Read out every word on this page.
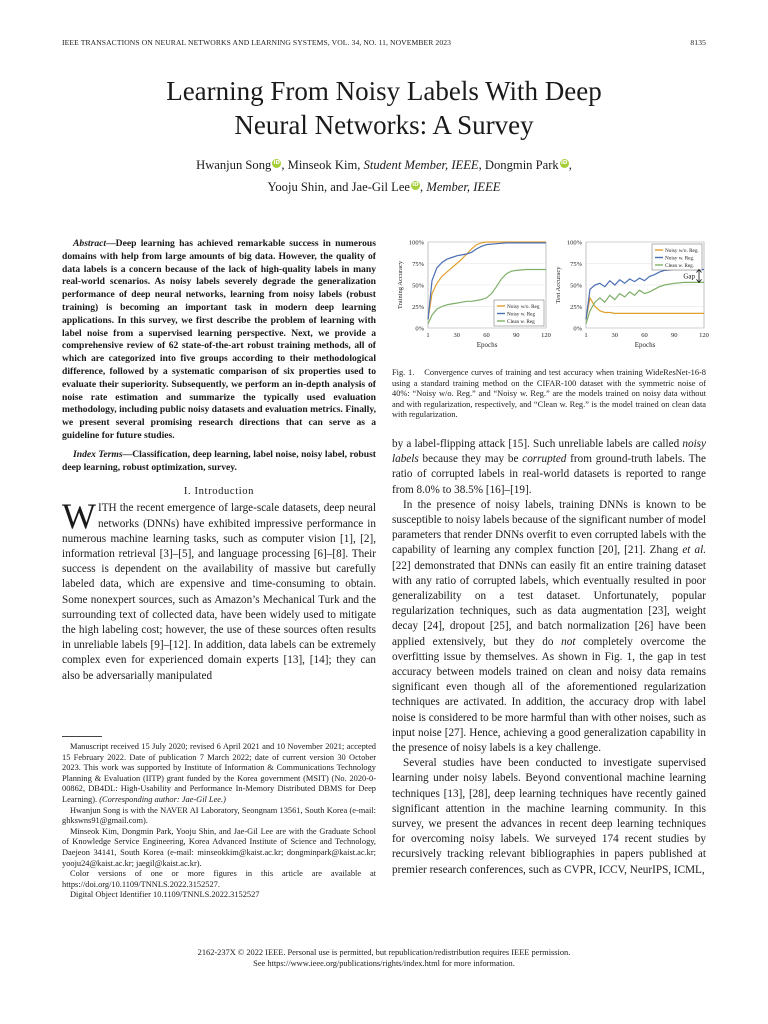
IEEE TRANSACTIONS ON NEURAL NETWORKS AND LEARNING SYSTEMS, VOL. 34, NO. 11, NOVEMBER 2023	8135
Learning From Noisy Labels With Deep
Neural Networks: A Survey
Hwanjun Song iD, Minseok Kim, Student Member, IEEE, Dongmin Park iD,
Yooju Shin, and Jae-Gil Lee iD, Member, IEEE

Abstract—Deep learning has achieved remarkable success in numerous domains with help from large amounts of big data. However, the quality of data labels is a concern because of the lack of high-quality labels in many real-world scenarios. As noisy labels severely degrade the generalization performance of deep neural networks, learning from noisy labels (robust training) is becoming an important task in modern deep learning applications. In this survey, we first describe the problem of learning with label noise from a supervised learning perspective. Next, we provide a comprehensive review of 62 state-of-the-art robust training methods, all of which are categorized into five groups according to their methodological difference, followed by a systematic comparison of six properties used to evaluate their superiority. Subsequently, we perform an in-depth analysis of noise rate estimation and summarize the typically used evaluation methodology, including public noisy datasets and evaluation metrics. Finally, we present several promising research directions that can serve as a guideline for future studies.

Index Terms—Classification, deep learning, label noise, noisy label, robust deep learning, robust optimization, survey.

I. Introduction

WITH the recent emergence of large-scale datasets, deep neural networks (DNNs) have exhibited impressive performance in numerous machine learning tasks, such as computer vision [1], [2], information retrieval [3]–[5], and language processing [6]–[8]. Their success is dependent on the availability of massive but carefully labeled data, which are expensive and time-consuming to obtain. Some nonexpert sources, such as Amazon’s Mechanical Turk and the surrounding text of collected data, have been widely used to mitigate the high labeling cost; however, the use of these sources often results in unreliable labels [9]–[12]. In addition, data labels can be extremely complex even for experienced domain experts [13], [14]; they can also be adversarially manipulated

Manuscript received 15 July 2020; revised 6 April 2021 and 10 November 2021; accepted 15 February 2022. Date of publication 7 March 2022; date of current version 30 October 2023. This work was supported by Institute of Information & Communications Technology Planning & Evaluation (IITP) grant funded by the Korea government (MSIT) (No. 2020-0-00862, DB4DL: High-Usability and Performance In-Memory Distributed DBMS for Deep Learning). (Corresponding author: Jae-Gil Lee.)

Hwanjun Song is with the NAVER AI Laboratory, Seongnam 13561, South Korea (e-mail: ghkswns91@gmail.com).

Minseok Kim, Dongmin Park, Yooju Shin, and Jae-Gil Lee are with the Graduate School of Knowledge Service Engineering, Korea Advanced Institute of Science and Technology, Daejeon 34141, South Korea (e-mail: minseokkim@kaist.ac.kr; dongminpark@kaist.ac.kr; yooju24@kaist.ac.kr; jaegil@kaist.ac.kr).

Color versions of one or more figures in this article are available at https://doi.org/10.1109/TNNLS.2022.3152527.

Digital Object Identifier 10.1109/TNNLS.2022.3152527

0%
25%
50%
75%
100%
1	30	60	90	120
Epochs
Training Accuracy	Noisy w/o. Reg
Noisy w. Reg
Clean w. Reg
0%
25%
50%
75%
100%
1	30	60	90	120
Epochs
Test Accuracy
Noisy w/o. Reg.
Noisy w. Reg.
Clean w. Reg.
Gap

Fig. 1. Convergence curves of training and test accuracy when training WideResNet-16-8 using a standard training method on the CIFAR-100 dataset with the symmetric noise of 40%: “Noisy w/o. Reg.” and “Noisy w. Reg.” are the models trained on noisy data without and with regularization, respectively, and “Clean w. Reg.” is the model trained on clean data with regularization.

by a label-flipping attack [15]. Such unreliable labels are called noisy labels because they may be corrupted from ground-truth labels. The ratio of corrupted labels in real-world datasets is reported to range from 8.0% to 38.5% [16]–[19].

In the presence of noisy labels, training DNNs is known to be susceptible to noisy labels because of the significant number of model parameters that render DNNs overfit to even corrupted labels with the capability of learning any complex function [20], [21]. Zhang et al. [22] demonstrated that DNNs can easily fit an entire training dataset with any ratio of corrupted labels, which eventually resulted in poor generalizability on a test dataset. Unfortunately, popular regularization techniques, such as data augmentation [23], weight decay [24], dropout [25], and batch normalization [26] have been applied extensively, but they do not completely overcome the overfitting issue by themselves. As shown in Fig. 1, the gap in test accuracy between models trained on clean and noisy data remains significant even though all of the aforementioned regularization techniques are activated. In addition, the accuracy drop with label noise is considered to be more harmful than with other noises, such as input noise [27]. Hence, achieving a good generalization capability in the presence of noisy labels is a key challenge.

Several studies have been conducted to investigate supervised learning under noisy labels. Beyond conventional machine learning techniques [13], [28], deep learning techniques have recently gained significant attention in the machine learning community. In this survey, we present the advances in recent deep learning techniques for overcoming noisy labels. We surveyed 174 recent studies by recursively tracking relevant bibliographies in papers published at premier research conferences, such as CVPR, ICCV, NeurIPS, ICML,

2162-237X © 2022 IEEE. Personal use is permitted, but republication/redistribution requires IEEE permission.
See https://www.ieee.org/publications/rights/index.html for more information.
